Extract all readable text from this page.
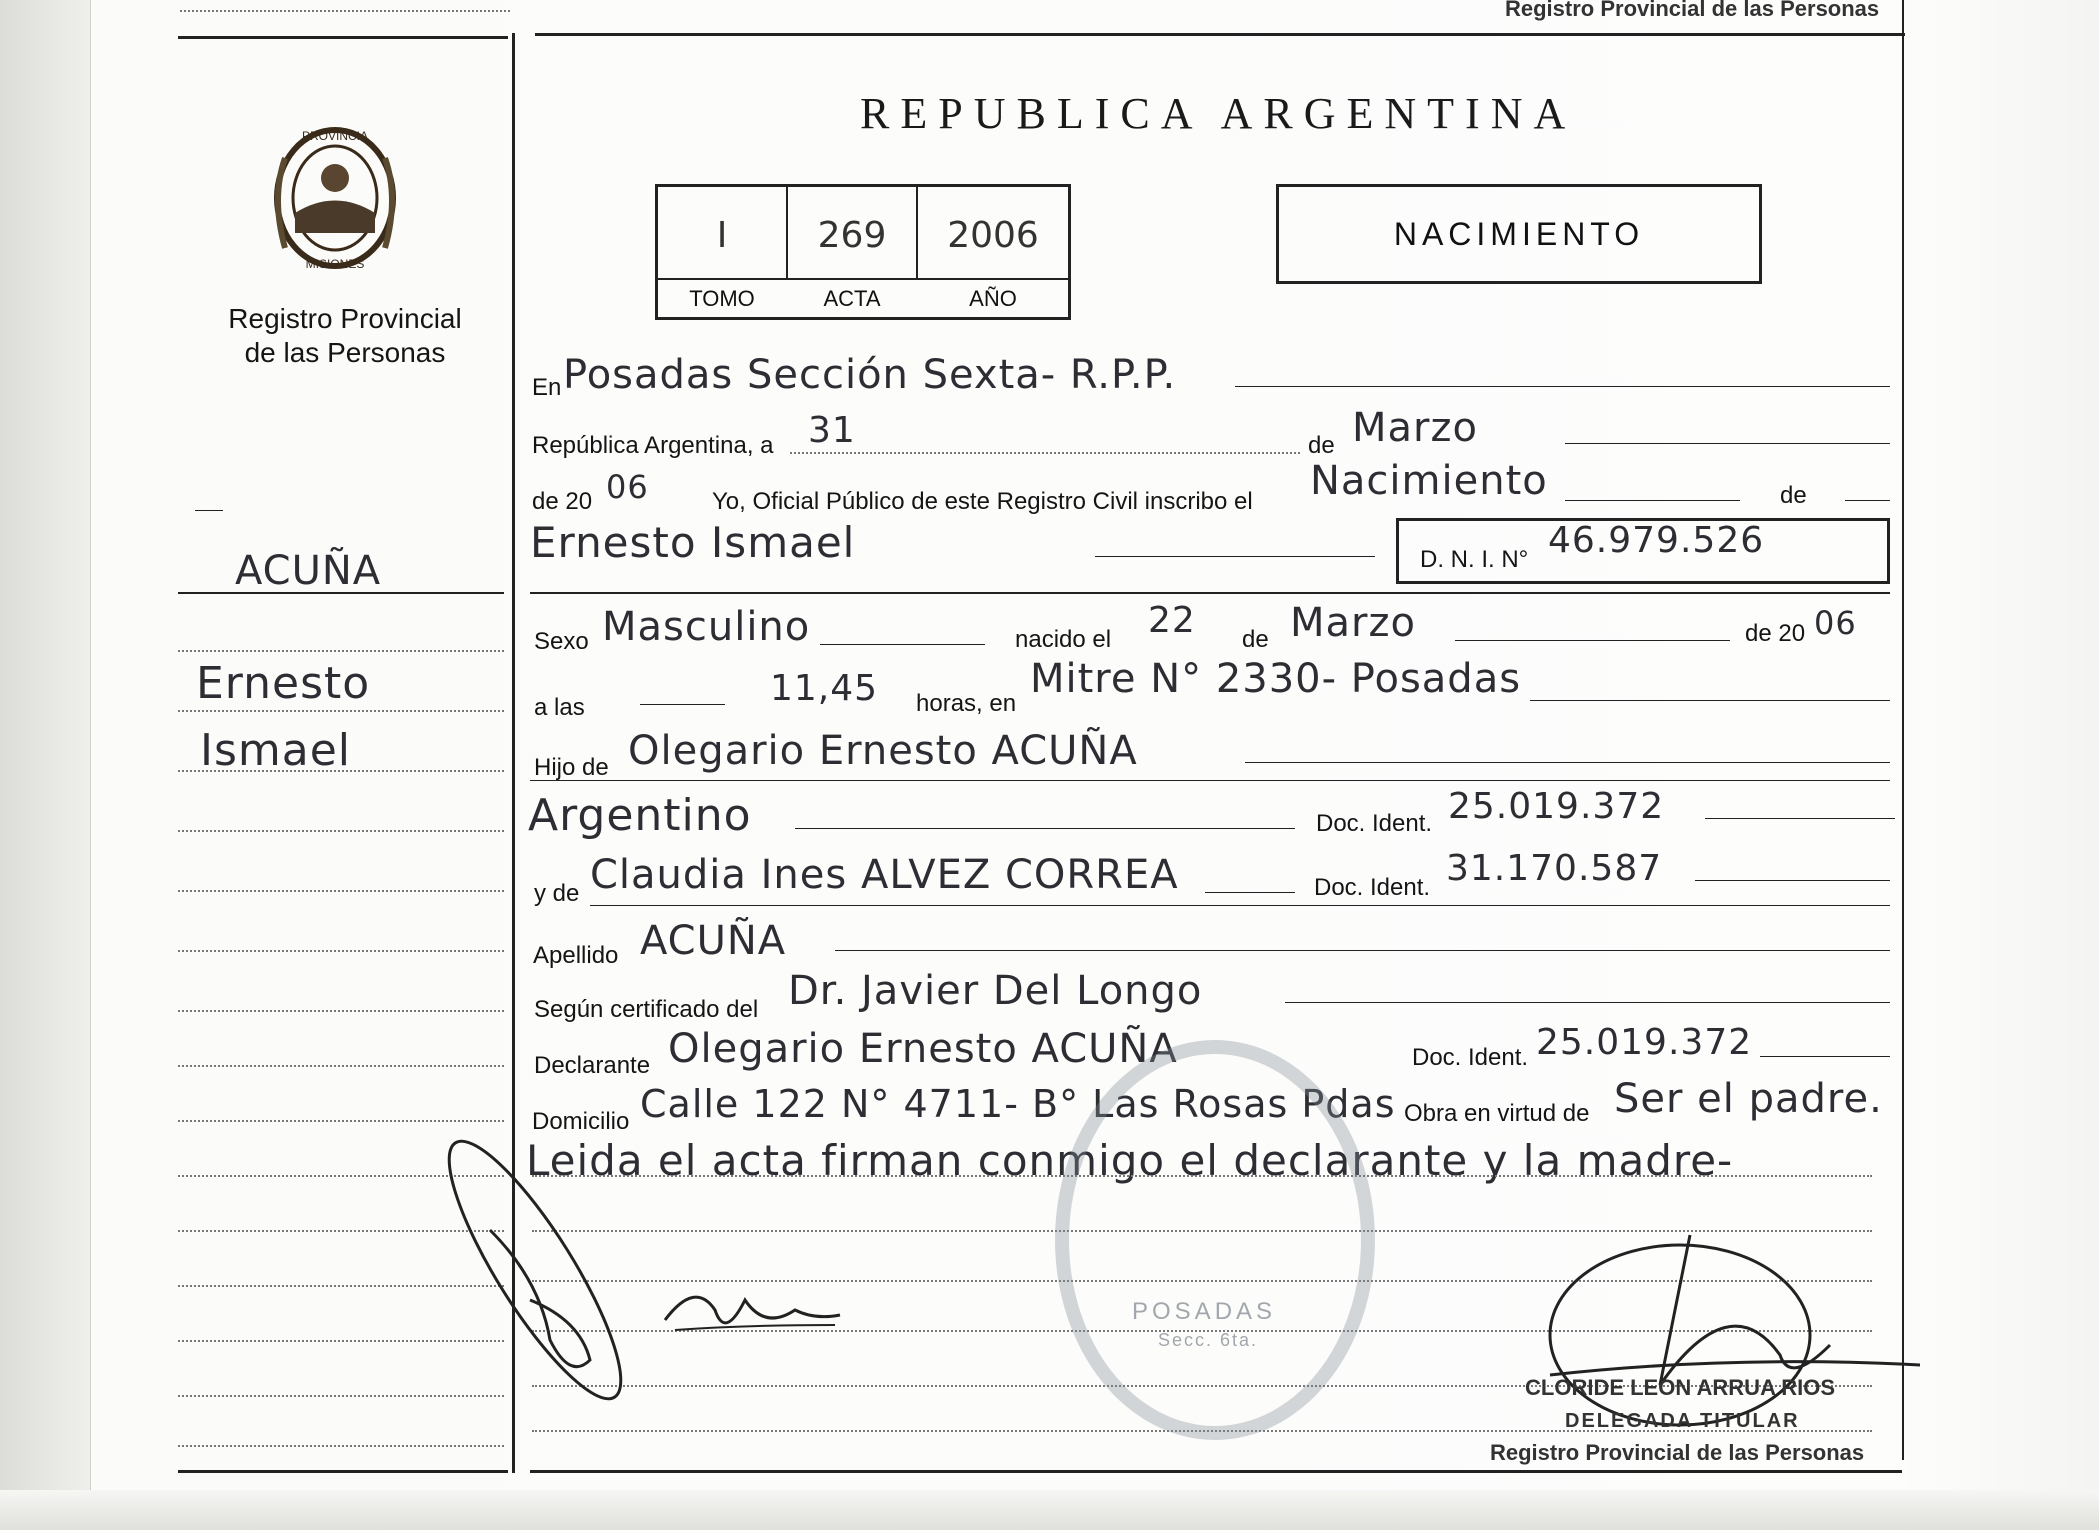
Registro Provincial de las Personas
PROVINCIA
MISIONES
Registro Provincial
de las Personas
ACUÑA
Ernesto
Ismael
REPUBLICA ARGENTINA
I	269	2006
TOMO	ACTA	AÑO
NACIMIENTO
En Posadas Sección Sexta- R.P.P.
República Argentina, a 31	de Marzo
de 20 06	Yo, Oficial Público de este Registro Civil inscribo el Nacimiento	de
Ernesto Ismael	D. N. I. N° 46.979.526
Sexo Masculino	nacido el 22 de Marzo	de 20 06
a las	11,45 horas, en
Mitre N° 2330- Posadas
Hijo de Olegario Ernesto ACUÑA
Argentino	Doc. Ident. 25.019.372
y de Claudia Ines ALVEZ CORREA	Doc. Ident. 31.170.587
Apellido ACUÑA
Según certificado del Dr. Javier Del Longo
Declarante Olegario Ernesto ACUÑA	Doc. Ident. 25.019.372
Domicilio Calle 122 N° 4711- B° Las Rosas Pdas Obra en virtud de Ser el padre.
Leida el acta firman conmigo el declarante y la madre-
POSADAS
Secc. 6ta.
CLORIDE LEON ARRUA RIOS
DELEGADA TITULAR
Registro Provincial de las Personas
